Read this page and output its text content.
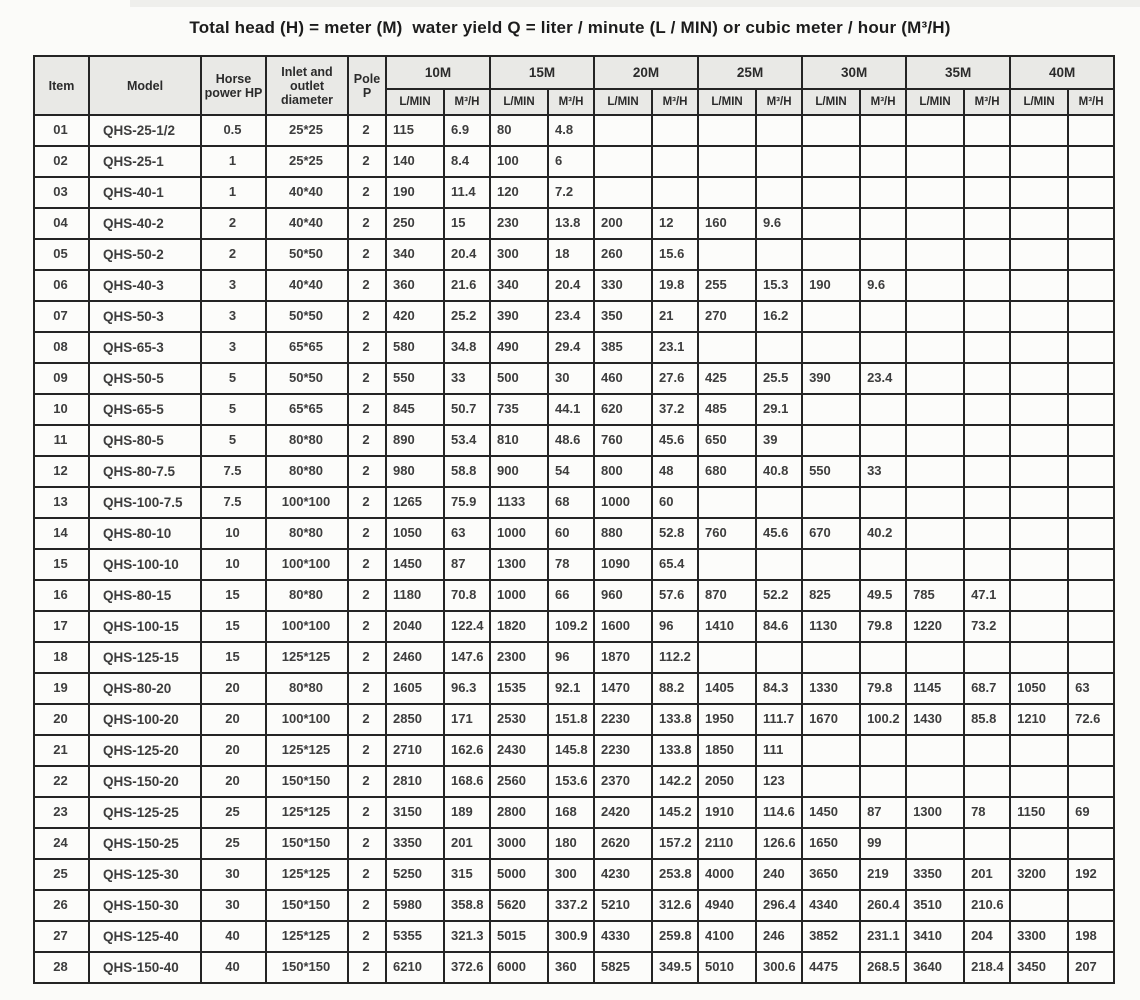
Total head (H) = meter (M)  water yield Q = liter / minute (L / MIN) or cubic meter / hour (M³/H)
Item	Model	Horse power HP	Inlet and outlet diameter	Pole P	10M		15M		20M		25M		30M		35M		40M	
					L/MIN	M³/H	L/MIN	M³/H	L/MIN	M³/H	L/MIN	M³/H	L/MIN	M³/H	L/MIN	M³/H	L/MIN	M³/H
01	QHS-25-1/2	0.5	25*25	2	115	6.9	80	4.8										
02	QHS-25-1	1	25*25	2	140	8.4	100	6										
03	QHS-40-1	1	40*40	2	190	11.4	120	7.2										
04	QHS-40-2	2	40*40	2	250	15	230	13.8	200	12	160	9.6						
05	QHS-50-2	2	50*50	2	340	20.4	300	18	260	15.6								
06	QHS-40-3	3	40*40	2	360	21.6	340	20.4	330	19.8	255	15.3	190	9.6				
07	QHS-50-3	3	50*50	2	420	25.2	390	23.4	350	21	270	16.2						
08	QHS-65-3	3	65*65	2	580	34.8	490	29.4	385	23.1								
09	QHS-50-5	5	50*50	2	550	33	500	30	460	27.6	425	25.5	390	23.4				
10	QHS-65-5	5	65*65	2	845	50.7	735	44.1	620	37.2	485	29.1						
11	QHS-80-5	5	80*80	2	890	53.4	810	48.6	760	45.6	650	39						
12	QHS-80-7.5	7.5	80*80	2	980	58.8	900	54	800	48	680	40.8	550	33				
13	QHS-100-7.5	7.5	100*100	2	1265	75.9	1133	68	1000	60								
14	QHS-80-10	10	80*80	2	1050	63	1000	60	880	52.8	760	45.6	670	40.2				
15	QHS-100-10	10	100*100	2	1450	87	1300	78	1090	65.4								
16	QHS-80-15	15	80*80	2	1180	70.8	1000	66	960	57.6	870	52.2	825	49.5	785	47.1		
17	QHS-100-15	15	100*100	2	2040	122.4	1820	109.2	1600	96	1410	84.6	1130	79.8	1220	73.2		
18	QHS-125-15	15	125*125	2	2460	147.6	2300	96	1870	112.2								
19	QHS-80-20	20	80*80	2	1605	96.3	1535	92.1	1470	88.2	1405	84.3	1330	79.8	1145	68.7	1050	63
20	QHS-100-20	20	100*100	2	2850	171	2530	151.8	2230	133.8	1950	111.7	1670	100.2	1430	85.8	1210	72.6
21	QHS-125-20	20	125*125	2	2710	162.6	2430	145.8	2230	133.8	1850	111						
22	QHS-150-20	20	150*150	2	2810	168.6	2560	153.6	2370	142.2	2050	123						
23	QHS-125-25	25	125*125	2	3150	189	2800	168	2420	145.2	1910	114.6	1450	87	1300	78	1150	69
24	QHS-150-25	25	150*150	2	3350	201	3000	180	2620	157.2	2110	126.6	1650	99				
25	QHS-125-30	30	125*125	2	5250	315	5000	300	4230	253.8	4000	240	3650	219	3350	201	3200	192
26	QHS-150-30	30	150*150	2	5980	358.8	5620	337.2	5210	312.6	4940	296.4	4340	260.4	3510	210.6		
27	QHS-125-40	40	125*125	2	5355	321.3	5015	300.9	4330	259.8	4100	246	3852	231.1	3410	204	3300	198
28	QHS-150-40	40	150*150	2	6210	372.6	6000	360	5825	349.5	5010	300.6	4475	268.5	3640	218.4	3450	207
